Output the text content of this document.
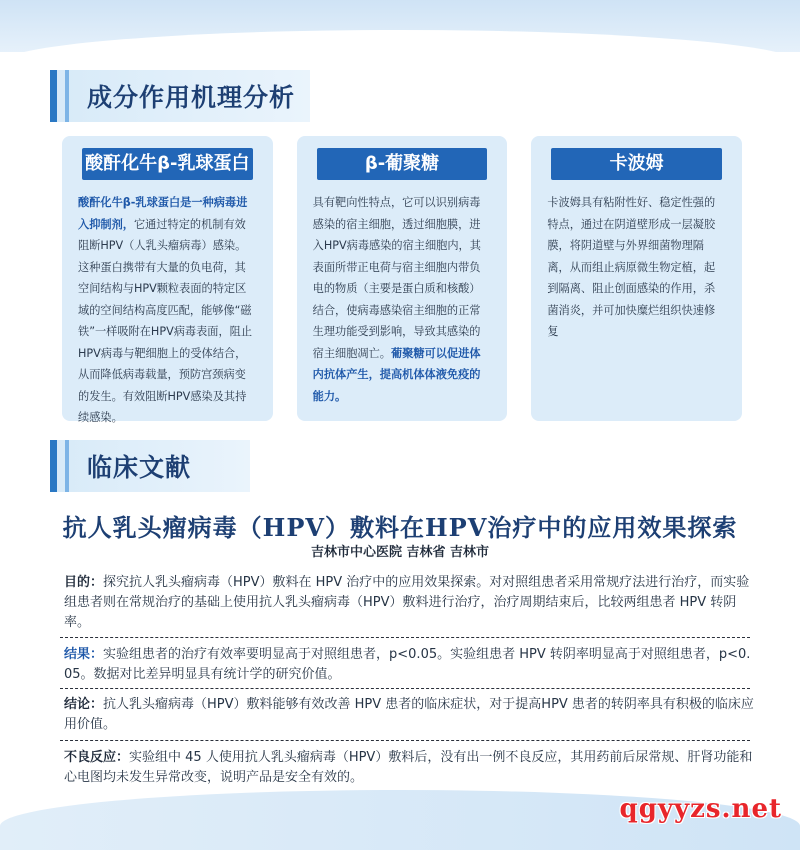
成分作用机理分析
酸酐化牛β-乳球蛋白
酸酐化牛β-乳球蛋白是一种病毒进入抑制剂，它通过特定的机制有效阻断HPV（人乳头瘤病毒）感染。这种蛋白携带有大量的负电荷，其空间结构与HPV颗粒表面的特定区域的空间结构高度匹配，能够像“磁铁”一样吸附在HPV病毒表面，阻止HPV病毒与靶细胞上的受体结合，从而降低病毒载量，预防宫颈病变的发生。有效阻断HPV感染及其持续感染。
β-葡聚糖
具有靶向性特点，它可以识别病毒感染的宿主细胞，透过细胞膜，进入HPV病毒感染的宿主细胞内，其表面所带正电荷与宿主细胞内带负电的物质（主要是蛋白质和核酸）结合，使病毒感染宿主细胞的正常生理功能受到影响，导致其感染的宿主细胞凋亡。葡聚糖可以促进体内抗体产生，提高机体体液免疫的能力。
卡波姆
卡波姆具有粘附性好、稳定性强的特点，通过在阴道壁形成一层凝胶膜，将阴道壁与外界细菌物理隔离，从而组止病原微生物定植，起到隔离、阻止创面感染的作用，杀菌消炎，并可加快糜烂组织快速修复
临床文献
抗人乳头瘤病毒（HPV）敷料在HPV治疗中的应用效果探索
吉林市中心医院 吉林省 吉林市
目的：探究抗人乳头瘤病毒（HPV）敷料在 HPV 治疗中的应用效果探索。对对照组患者采用常规疗法进行治疗，而实验组患者则在常规治疗的基础上使用抗人乳头瘤病毒（HPV）敷料进行治疗，治疗周期结束后，比较两组患者 HPV 转阴率。
结果：实验组患者的治疗有效率要明显高于对照组患者，p<0.05。实验组患者 HPV 转阴率明显高于对照组患者，p<0.05。数据对比差异明显具有统计学的研究价值。
结论：抗人乳头瘤病毒（HPV）敷料能够有效改善 HPV 患者的临床症状，对于提高HPV 患者的转阴率具有积极的临床应用价值。
不良反应：实验组中 45 人使用抗人乳头瘤病毒（HPV）敷料后，没有出一例不良反应，其用药前后尿常规、肝肾功能和心电图均未发生异常改变，说明产品是安全有效的。
qgyyzs.net
